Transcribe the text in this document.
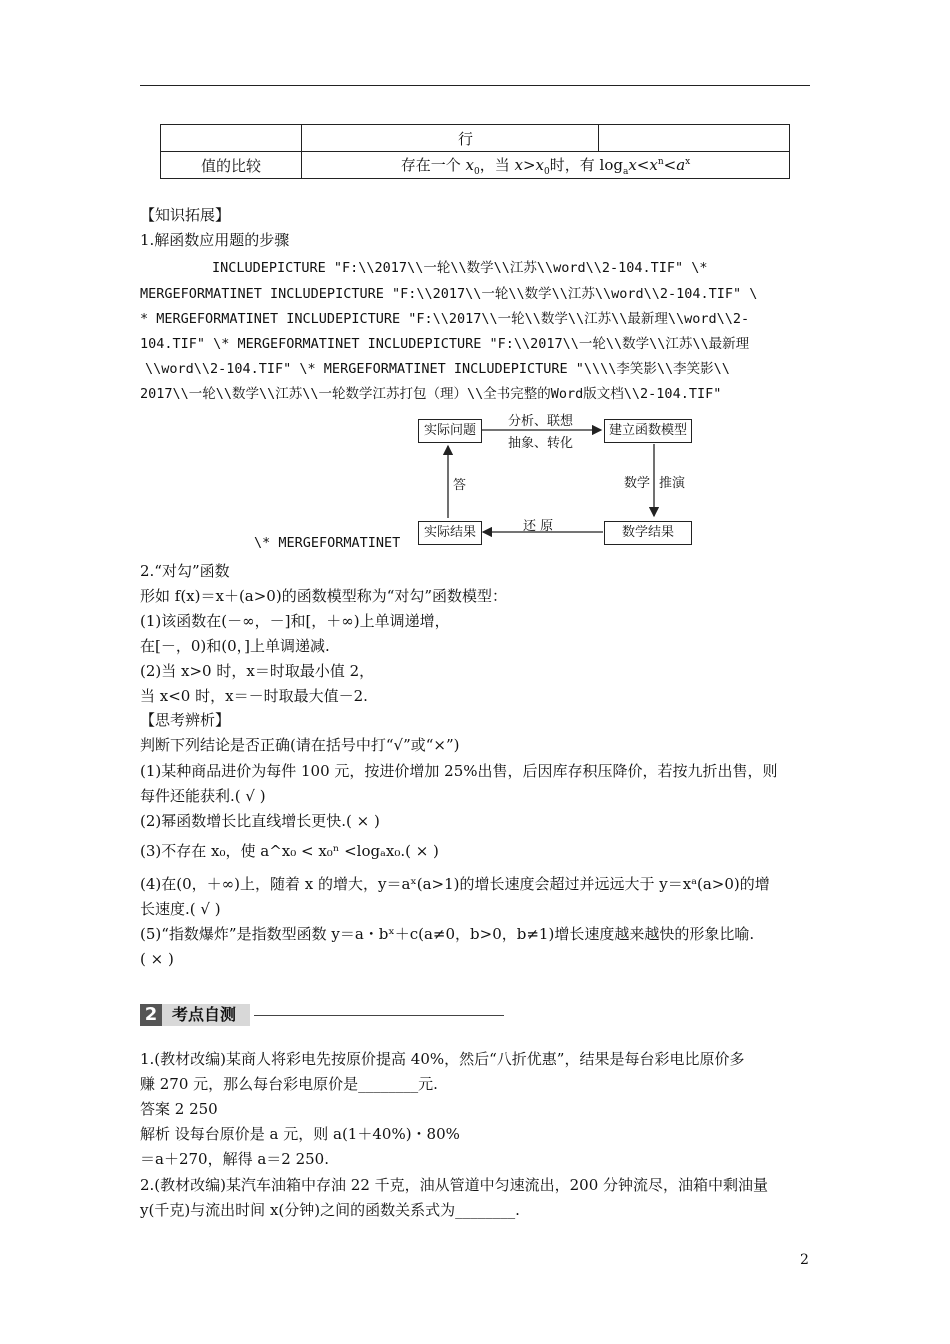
	行	
值的比较	存在一个 $x_0$，当 $x>x_0$时，有 $\log_ax<x^n<a^x$
【知识拓展】
1.解函数应用题的步骤
INCLUDEPICTURE "F:\\2017\\一轮\\数学\\江苏\\word\\2-104.TIF" \*
MERGEFORMATINET INCLUDEPICTURE "F:\\2017\\一轮\\数学\\江苏\\word\\2-104.TIF" \
* MERGEFORMATINET INCLUDEPICTURE "F:\\2017\\一轮\\数学\\江苏\\最新理\\word\\2-
104.TIF" \* MERGEFORMATINET INCLUDEPICTURE "F:\\2017\\一轮\\数学\\江苏\\最新理
\\word\\2-104.TIF" \* MERGEFORMATINET INCLUDEPICTURE "\\\\李笑影\\李笑影\\
2017\\一轮\\数学\\江苏\\一轮数学江苏打包（理）\\全书完整的Word版文档\\2-104.TIF"
实际问题	建立函数模型
数学结果
实际结果
分析、联想
抽象、转化
数学 推演
还 原
答
\* MERGEFORMATINET
2.“对勾”函数
形如 f(x)＝x＋(a>0)的函数模型称为“对勾”函数模型：
(1)该函数在(－∞，－]和[，＋∞)上单调递增，
在[－，0)和(0，]上单调递减.
(2)当 x>0 时，x＝时取最小值 2，
当 x<0 时，x＝－时取最大值－2.
【思考辨析】
判断下列结论是否正确(请在括号中打“√”或“×”)
(1)某种商品进价为每件 100 元，按进价增加 25%出售，后因库存积压降价，若按九折出售，则
每件还能获利.( √ )
(2)幂函数增长比直线增长更快.( × )
(3)不存在 x₀，使 a^x₀ < x₀ⁿ <logₐx₀.( × )
(4)在(0，＋∞)上，随着 x 的增大，y＝aˣ(a>1)的增长速度会超过并远远大于 y＝xᵃ(a>0)的增
长速度.( √ )
(5)“指数爆炸”是指数型函数 y＝a・bˣ＋c(a≠0，b>0，b≠1)增长速度越来越快的形象比喻.
( × )
2 考点自测
1.(教材改编)某商人将彩电先按原价提高 40%，然后“八折优惠”，结果是每台彩电比原价多
赚 270 元，那么每台彩电原价是________元.
答案 2 250
解析 设每台原价是 a 元，则 a(1＋40%)・80%
＝a＋270，解得 a＝2 250.
2.(教材改编)某汽车油箱中存油 22 千克，油从管道中匀速流出，200 分钟流尽，油箱中剩油量
y(千克)与流出时间 x(分钟)之间的函数关系式为________.
2
